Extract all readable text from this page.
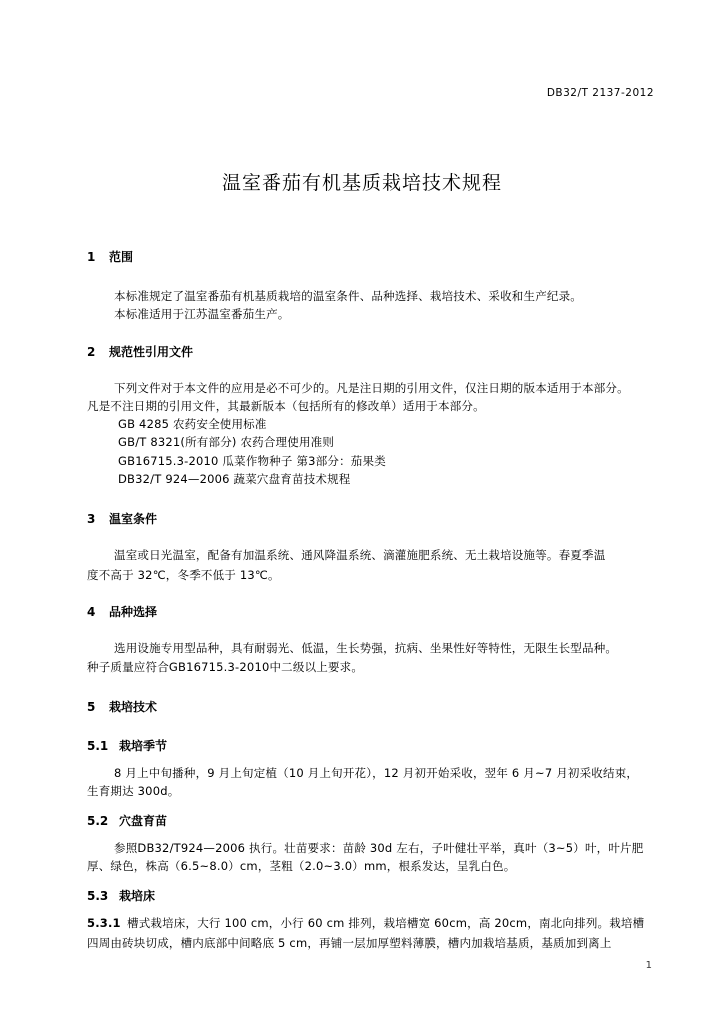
DB32/T 2137-2012
温室番茄有机基质栽培技术规程
1 范围
本标准规定了温室番茄有机基质栽培的温室条件、品种选择、栽培技术、采收和生产纪录。
本标准适用于江苏温室番茄生产。
2 规范性引用文件
下列文件对于本文件的应用是必不可少的。凡是注日期的引用文件，仅注日期的版本适用于本部分。
凡是不注日期的引用文件，其最新版本（包括所有的修改单）适用于本部分。
GB 4285 农药安全使用标准
GB/T 8321(所有部分) 农药合理使用准则
GB16715.3-2010 瓜菜作物种子 第3部分：茄果类
DB32/T 924—2006 蔬菜穴盘育苗技术规程
3 温室条件
温室或日光温室，配备有加温系统、通风降温系统、滴灌施肥系统、无土栽培设施等。春夏季温
度不高于 32℃，冬季不低于 13℃。
4 品种选择
选用设施专用型品种，具有耐弱光、低温，生长势强，抗病、坐果性好等特性，无限生长型品种。
种子质量应符合GB16715.3-2010中二级以上要求。
5 栽培技术
5.1 栽培季节
8 月上中旬播种，9 月上旬定植（10 月上旬开花），12 月初开始采收，翌年 6 月~7 月初采收结束，
生育期达 300d。
5.2 穴盘育苗
参照DB32/T924—2006 执行。壮苗要求：苗龄 30d 左右，子叶健壮平举，真叶（3~5）叶，叶片肥
厚、绿色，株高（6.5~8.0）cm，茎粗（2.0~3.0）mm，根系发达，呈乳白色。
5.3 栽培床
5.3.1 槽式栽培床，大行 100 cm，小行 60 cm 排列，栽培槽宽 60cm，高 20cm，南北向排列。栽培槽
四周由砖块切成，槽内底部中间略底 5 cm，再铺一层加厚塑料薄膜，槽内加栽培基质，基质加到离上
1
